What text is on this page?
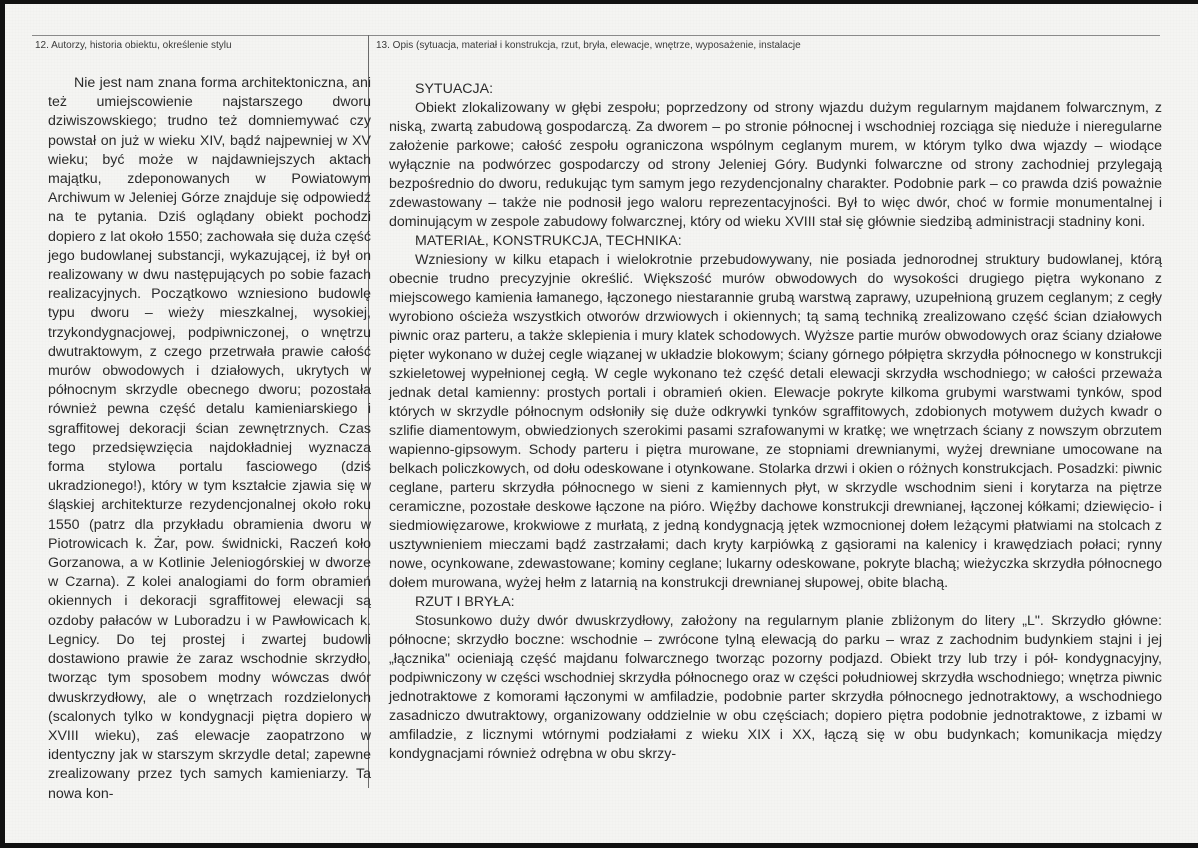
12. Autorzy, historia obiektu, określenie stylu	13. Opis (sytuacja, materiał i konstrukcja, rzut, bryła, elewacje, wnętrze, wyposażenie, instalacje

Nie jest nam znana forma architektoniczna, ani też umiejscowienie najstarszego dworu dziwiszowskiego; trudno też domniemywać czy powstał on już w wieku XIV, bądź najpewniej w XV wieku; być może w najdawniejszych aktach majątku, zdeponowanych w Powiatowym Archiwum w Jeleniej Górze znajduje się odpowiedź na te pytania. Dziś oglądany obiekt pochodzi dopiero z lat około 1550; zachowała się duża część jego budowlanej substancji, wykazującej, iż był on realizowany w dwu następujących po sobie fazach realizacyjnych. Początkowo wzniesiono budowlę typu dworu – wieży mieszkalnej, wysokiej, trzykondygnacjowej, podpiwniczonej, o wnętrzu dwutraktowym, z czego przetrwała prawie całość murów obwodowych i działowych, ukrytych w północnym skrzydle obecnego dworu; pozostała również pewna część detalu kamieniarskiego i sgraffitowej dekoracji ścian zewnętrznych. Czas tego przedsięwzięcia najdokładniej wyznacza forma stylowa portalu fasciowego (dziś ukradzionego!), który w tym kształcie zjawia się w śląskiej architekturze rezydencjonalnej około roku 1550 (patrz dla przykładu obramienia dworu w Piotrowicach k. Żar, pow. świdnicki, Raczeń koło Gorzanowa, a w Kotlinie Jeleniogórskiej w dworze w Czarna). Z kolei analogiami do form obramień okiennych i dekoracji sgraffitowej elewacji są ozdoby pałaców w Luboradzu i w Pawłowicach k. Legnicy. Do tej prostej i zwartej budowli dostawiono prawie że zaraz wschodnie skrzydło, tworząc tym sposobem modny wówczas dwór dwuskrzydłowy, ale o wnętrzach rozdzielonych (scalonych tylko w kondygnacji piętra dopiero w XVIII wieku), zaś elewacje zaopatrzono w identyczny jak w starszym skrzydle detal; zapewne zrealizowany przez tych samych kamieniarzy. Ta nowa kon-

SYTUACJA:

Obiekt zlokalizowany w głębi zespołu; poprzedzony od strony wjazdu dużym regularnym majdanem folwarcznym, z niską, zwartą zabudową gospodarczą. Za dworem – po stronie północnej i wschodniej rozciąga się nieduże i nieregularne założenie parkowe; całość zespołu ograniczona wspólnym ceglanym murem, w którym tylko dwa wjazdy – wiodące wyłącznie na podwórzec gospodarczy od strony Jeleniej Góry. Budynki folwarczne od strony zachodniej przylegają bezpośrednio do dworu, redukując tym samym jego rezydencjonalny charakter. Podobnie park – co prawda dziś poważnie zdewastowany – także nie podnosił jego waloru reprezentacyjności. Był to więc dwór, choć w formie monumentalnej i dominującym w zespole zabudowy folwarcznej, który od wieku XVIII stał się głównie siedzibą administracji stadniny koni.

MATERIAŁ, KONSTRUKCJA, TECHNIKA:

Wzniesiony w kilku etapach i wielokrotnie przebudowywany, nie posiada jednorodnej struktury budowlanej, którą obecnie trudno precyzyjnie określić. Większość murów obwodowych do wysokości drugiego piętra wykonano z miejscowego kamienia łamanego, łączonego niestarannie grubą warstwą zaprawy, uzupełnioną gruzem ceglanym; z cegły wyrobiono ościeża wszystkich otworów drzwiowych i okiennych; tą samą techniką zrealizowano część ścian działowych piwnic oraz parteru, a także sklepienia i mury klatek schodowych. Wyższe partie murów obwodowych oraz ściany działowe pięter wykonano w dużej cegle wiązanej w układzie blokowym; ściany górnego półpiętra skrzydła północnego w konstrukcji szkieletowej wypełnionej cegłą. W cegle wykonano też część detali elewacji skrzydła wschodniego; w całości przeważa jednak detal kamienny: prostych portali i obramień okien. Elewacje pokryte kilkoma grubymi warstwami tynków, spod których w skrzydle północnym odsłoniły się duże odkrywki tynków sgraffitowych, zdobionych motywem dużych kwadr o szlifie diamentowym, obwiedzionych szerokimi pasami szrafowanymi w kratkę; we wnętrzach ściany z nowszym obrzutem wapienno-gipsowym. Schody parteru i piętra murowane, ze stopniami drewnianymi, wyżej drewniane umocowane na belkach policzkowych, od dołu odeskowane i otynkowane. Stolarka drzwi i okien o różnych konstrukcjach. Posadzki: piwnic ceglane, parteru skrzydła północnego w sieni z kamiennych płyt, w skrzydle wschodnim sieni i korytarza na piętrze ceramiczne, pozostałe deskowe łączone na pióro. Więźby dachowe konstrukcji drewnianej, łączonej kółkami; dziewięcio- i siedmiowięzarowe, krokwiowe z murłatą, z jedną kondygnacją jętek wzmocnionej dołem leżącymi płatwiami na stolcach z usztywnieniem mieczami bądź zastrzałami; dach kryty karpiówką z gąsiorami na kalenicy i krawędziach połaci; rynny nowe, ocynkowane, zdewastowane; kominy ceglane; lukarny odeskowane, pokryte blachą; wieżyczka skrzydła północnego dołem murowana, wyżej hełm z latarnią na konstrukcji drewnianej słupowej, obite blachą.

RZUT I BRYŁA:

Stosunkowo duży dwór dwuskrzydłowy, założony na regularnym planie zbliżonym do litery „L". Skrzydło główne: północne; skrzydło boczne: wschodnie – zwrócone tylną elewacją do parku – wraz z zachodnim budynkiem stajni i jej „łącznika" ocieniają część majdanu folwarcznego tworząc pozorny podjazd. Obiekt trzy lub trzy i pół- kondygnacyjny, podpiwniczony w części wschodniej skrzydła północnego oraz w części południowej skrzydła wschodniego; wnętrza piwnic jednotraktowe z komorami łączonymi w amfiladzie, podobnie parter skrzydła północnego jednotraktowy, a wschodniego zasadniczo dwutraktowy, organizowany oddzielnie w obu częściach; dopiero piętra podobnie jednotraktowe, z izbami w amfiladzie, z licznymi wtórnymi podziałami z wieku XIX i XX, łączą się w obu budynkach; komunikacja między kondygnacjami również odrębna w obu skrzy-
